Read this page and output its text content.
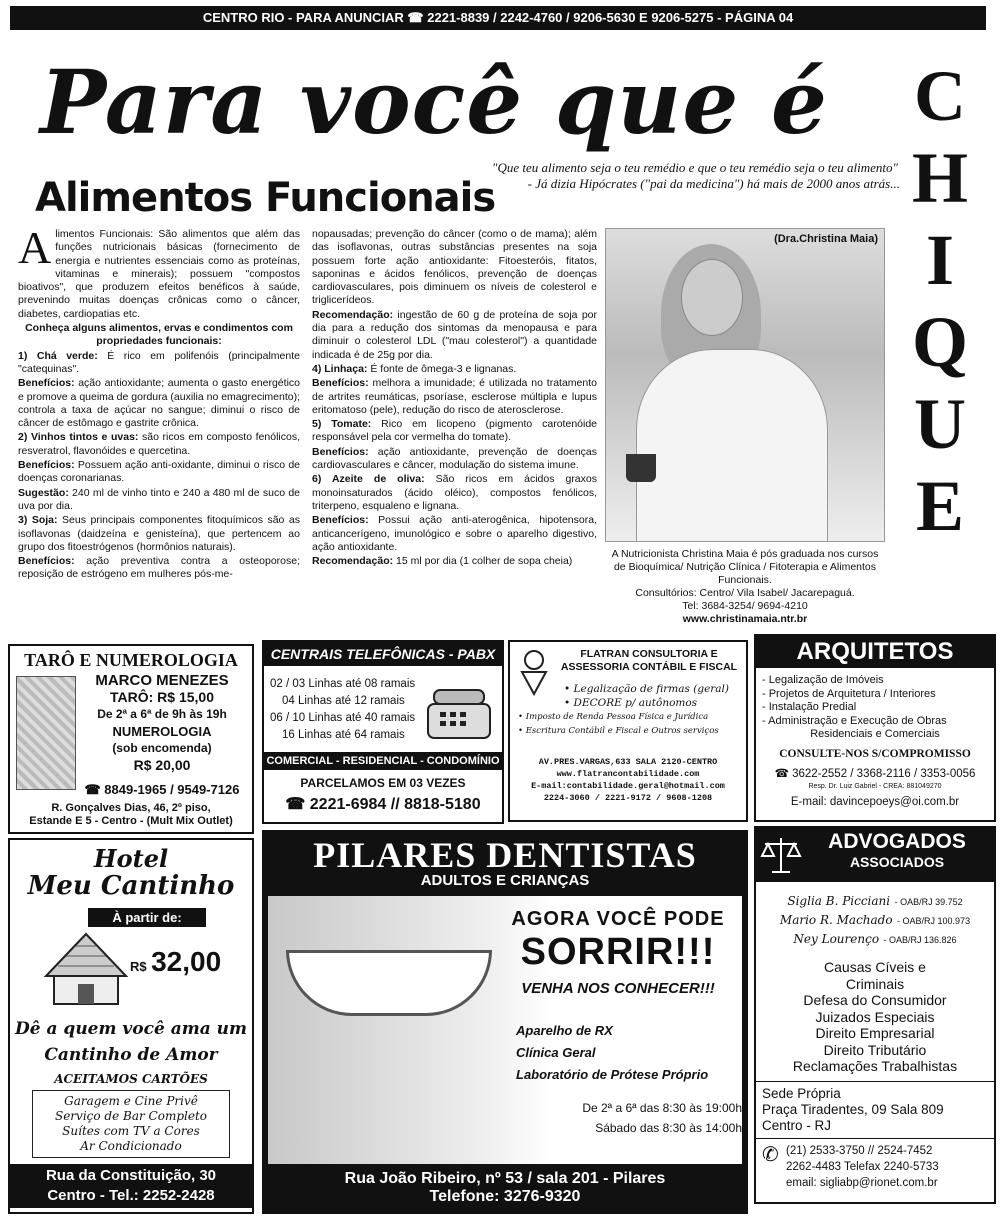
CENTRO RIO - PARA ANUNCIAR ☎ 2221-8839 / 2242-4760 / 9206-5630 E 9206-5275 - PÁGINA 04
Para você que é C
H
I
Q
U
E
Alimentos Funcionais
"Que teu alimento seja o teu remédio e que o teu remédio seja o teu alimento"

- Já dizia Hipócrates ("pai da medicina") há mais de 2000 anos atrás...

Alimentos Funcionais: São alimentos que além das funções nutricionais básicas (fornecimento de energia e nutrientes essenciais como as proteínas, vitaminas e minerais); possuem "compostos bioativos", que produzem efeitos benéficos à saúde, prevenindo muitas doenças crônicas como o câncer, diabetes, cardiopatias etc.

Conheça alguns alimentos, ervas e condimentos com propriedades funcionais:

1) Chá verde: É rico em polifenóis (principalmente "catequinas".

Benefícios: ação antioxidante; aumenta o gasto energético e promove a queima de gordura (auxilia no emagrecimento); controla a taxa de açúcar no sangue; diminui o risco de câncer de estômago e gastrite crônica.

2) Vinhos tintos e uvas: são ricos em composto fenólicos, resveratrol, flavonóides e quercetina.

Benefícios: Possuem ação anti-oxidante, diminui o risco de doenças coronarianas.

Sugestão: 240 ml de vinho tinto e 240 a 480 ml de suco de uva por dia.

3) Soja: Seus principais componentes fitoquímicos são as isoflavonas (daidzeína e genisteína), que pertencem ao grupo dos fitoestrógenos (hormônios naturais).

Benefícios: ação preventiva contra a osteoporose; reposição de estrógeno em mulheres pós-me-

nopausadas; prevenção do câncer (como o de mama); além das isoflavonas, outras substâncias presentes na soja possuem forte ação antioxidante: Fitoesteróis, fitatos, saponinas e ácidos fenólicos, prevenção de doenças cardiovasculares, pois diminuem os níveis de colesterol e triglicerídeos.

Recomendação: ingestão de 60 g de proteína de soja por dia para a redução dos sintomas da menopausa e para diminuir o colesterol LDL ("mau colesterol") a quantidade indicada é de 25g por dia.

4) Linhaça: É fonte de ômega-3 e lignanas.

Benefícios: melhora a imunidade; é utilizada no tratamento de artrites reumáticas, psoríase, esclerose múltipla e lupus eritomatoso (pele), redução do risco de aterosclerose.

5) Tomate: Rico em licopeno (pigmento carotenóide responsável pela cor vermelha do tomate).

Benefícios: ação antioxidante, prevenção de doenças cardiovasculares e câncer, modulação do sistema imune.

6) Azeite de oliva: São ricos em ácidos graxos monoinsaturados (ácido oléico), compostos fenólicos, triterpeno, esqualeno e lignana.

Benefícios: Possui ação anti-aterogênica, hipotensora, anticancerígeno, imunológico e sobre o aparelho digestivo, ação antioxidante.

Recomendação: 15 ml por dia (1 colher de sopa cheia)

(Dra.Christina Maia)
A Nutricionista Christina Maia é pós graduada nos cursos de Bioquímica/ Nutrição Clínica / Fitoterapia e Alimentos Funcionais.
Consultórios: Centro/ Vila Isabel/ Jacarepaguá.
Tel: 3684-3254/ 9694-4210
www.christinamaia.ntr.br
TARÔ E NUMEROLOGIA
MARCO MENEZES
TARÔ: R$ 15,00
De 2ª a 6ª de 9h às 19h
NUMEROLOGIA
(sob encomenda)
R$ 20,00
☎ 8849-1965 / 9549-7126
R. Gonçalves Dias, 46, 2º piso,
Estande E 5 - Centro - (Mult Mix Outlet)
CENTRAIS TELEFÔNICAS - PABX
02 / 03 Linhas até 08 ramais
04 Linhas até 12 ramais
06 / 10 Linhas até 40 ramais
16 Linhas até 64 ramais
COMERCIAL - RESIDENCIAL - CONDOMÍNIO
PARCELAMOS EM 03 VEZES
☎ 2221-6984 // 8818-5180
FLATRAN CONSULTORIA E
ASSESSORIA CONTÁBIL E FISCAL
• Legalização de firmas (geral)
• DECORE p/ autônomos
• Imposto de Renda Pessoa Física e Jurídica
• Escritura Contábil e Fiscal e Outros serviços
AV.PRES.VARGAS,633 SALA 2120-CENTRO
www.flatrancontabilidade.com
E-mail:contabilidade.geral@hotmail.com
2224-3060 / 2221-9172 / 9608-1208
ARQUITETOS
- Legalização de Imóveis
- Projetos de Arquitetura / Interiores
- Instalação Predial
- Administração e Execução de Obras
Residenciais e Comerciais
CONSULTE-NOS S/COMPROMISSO
☎ 3622-2552 / 3368-2116 / 3353-0056
Resp. Dr. Luiz Gabriel - CREA: 881049270
E-mail: davincepoeys@oi.com.br
Hotel
Meu Cantinho
À partir de:
R$ 32,00
Dê a quem você ama um
Cantinho de Amor
ACEITAMOS CARTÕES
Garagem e Cine Privê
Serviço de Bar Completo
Suítes com TV a Cores
Ar Condicionado
Rua da Constituição, 30
Centro - Tel.: 2252-2428
PILARES DENTISTAS
ADULTOS E CRIANÇAS
AGORA VOCÊ PODE
SORRIR!!!
VENHA NOS CONHECER!!!
Aparelho de RX
Clínica Geral
Laboratório de Prótese Próprio
De 2ª a 6ª das 8:30 às 19:00h
Sábado das 8:30 às 14:00h
Rua João Ribeiro, nº 53 / sala 201 - Pilares
Telefone: 3276-9320
ADVOGADOS
ASSOCIADOS
Siglia B. Picciani - OAB/RJ 39.752
Mario R. Machado - OAB/RJ 100.973
Ney Lourenço - OAB/RJ 136.826
Causas Cíveis e
Criminais
Defesa do Consumidor
Juizados Especiais
Direito Empresarial
Direito Tributário
Reclamações Trabalhistas
Sede Própria
Praça Tiradentes, 09 Sala 809
Centro - RJ
✆ (21) 2533-3750 // 2524-7452
2262-4483 Telefax 2240-5733
email: sigliabp@rionet.com.br
